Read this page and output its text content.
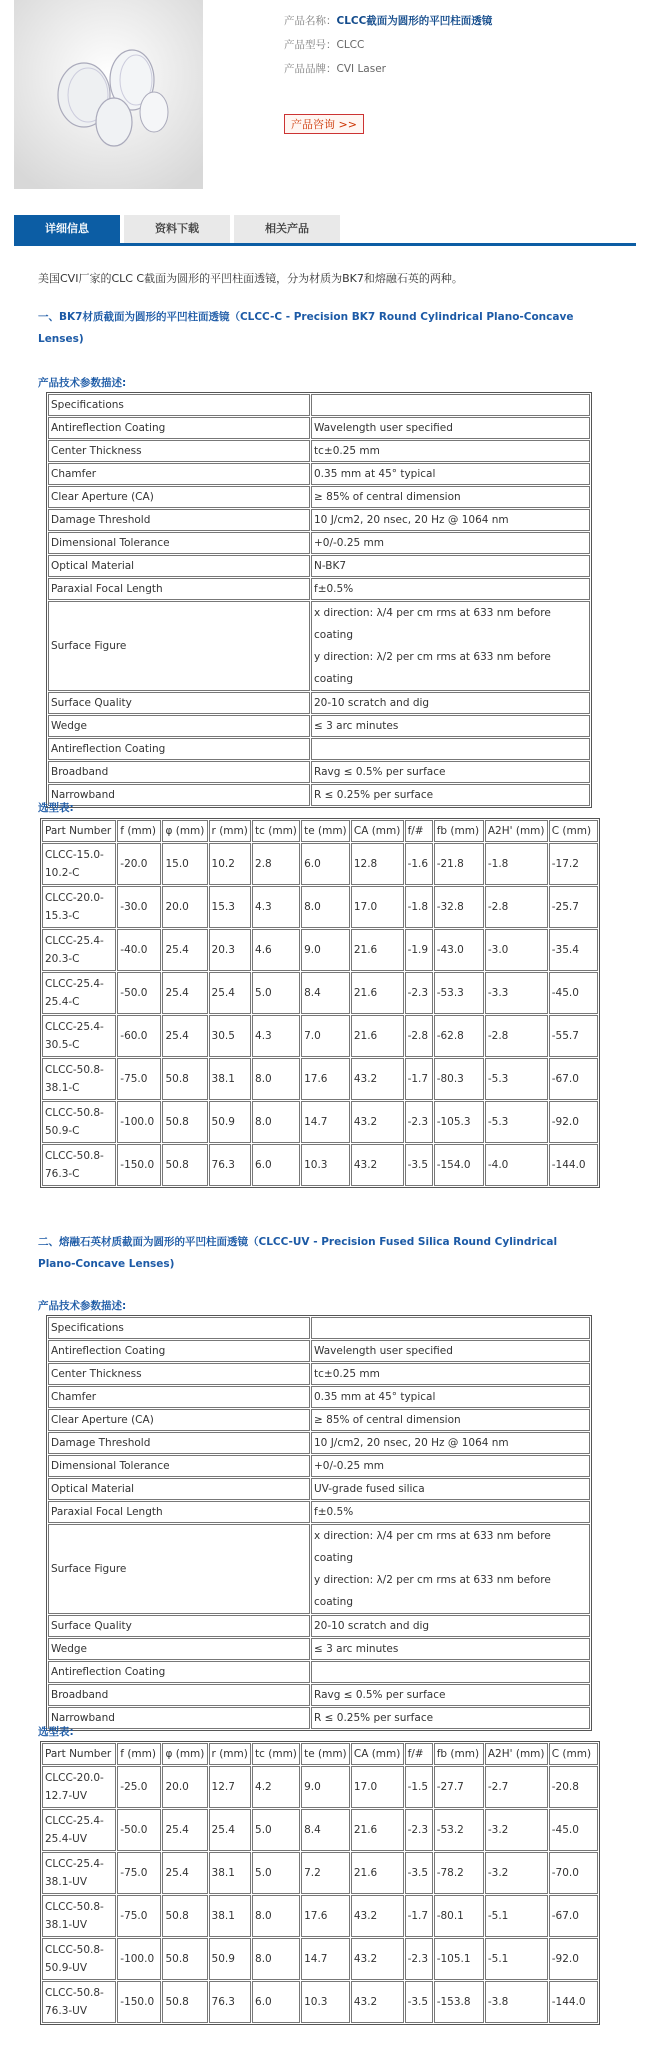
产品名称：CLCC截面为圆形的平凹柱面透镜
产品型号：CLCC
产品品牌：CVI Laser
产品咨询 >>
详细信息	资料下载	相关产品
美国CVI厂家的CLC C截面为圆形的平凹柱面透镜，分为材质为BK7和熔融石英的两种。
一、BK7材质截面为圆形的平凹柱面透镜（CLCC-C - Precision BK7 Round Cylindrical Plano-Concave Lenses)
产品技术参数描述:
Specifications	
Antireflection Coating	Wavelength user specified
Center Thickness	tc±0.25 mm
Chamfer	0.35 mm at 45° typical
Clear Aperture (CA)	≥ 85% of central dimension
Damage Threshold	10 J/cm2, 20 nsec, 20 Hz @ 1064 nm
Dimensional Tolerance	+0/-0.25 mm
Optical Material	N-BK7
Paraxial Focal Length	f±0.5%
Surface Figure	x direction: λ/4 per cm rms at 633 nm before coating
y direction: λ/2 per cm rms at 633 nm before coating
Surface Quality	20-10 scratch and dig
Wedge	≤ 3 arc minutes
Antireflection Coating	
Broadband	Ravg ≤ 0.5% per surface
Narrowband	R ≤ 0.25% per surface
选型表:
Part Number	f (mm)	φ (mm)	r (mm)	tc (mm)	te (mm)	CA (mm)	f/#	fb (mm)	A2H' (mm)	C (mm)
CLCC-15.0-10.2-C	-20.0	15.0	10.2	2.8	6.0	12.8	-1.6	-21.8	-1.8	-17.2
CLCC-20.0-15.3-C	-30.0	20.0	15.3	4.3	8.0	17.0	-1.8	-32.8	-2.8	-25.7
CLCC-25.4-20.3-C	-40.0	25.4	20.3	4.6	9.0	21.6	-1.9	-43.0	-3.0	-35.4
CLCC-25.4-25.4-C	-50.0	25.4	25.4	5.0	8.4	21.6	-2.3	-53.3	-3.3	-45.0
CLCC-25.4-30.5-C	-60.0	25.4	30.5	4.3	7.0	21.6	-2.8	-62.8	-2.8	-55.7
CLCC-50.8-38.1-C	-75.0	50.8	38.1	8.0	17.6	43.2	-1.7	-80.3	-5.3	-67.0
CLCC-50.8-50.9-C	-100.0	50.8	50.9	8.0	14.7	43.2	-2.3	-105.3	-5.3	-92.0
CLCC-50.8-76.3-C	-150.0	50.8	76.3	6.0	10.3	43.2	-3.5	-154.0	-4.0	-144.0
二、熔融石英材质截面为圆形的平凹柱面透镜（CLCC-UV - Precision Fused Silica Round Cylindrical Plano-Concave Lenses)
产品技术参数描述:
Specifications	
Antireflection Coating	Wavelength user specified
Center Thickness	tc±0.25 mm
Chamfer	0.35 mm at 45° typical
Clear Aperture (CA)	≥ 85% of central dimension
Damage Threshold	10 J/cm2, 20 nsec, 20 Hz @ 1064 nm
Dimensional Tolerance	+0/-0.25 mm
Optical Material	UV-grade fused silica
Paraxial Focal Length	f±0.5%
Surface Figure	x direction: λ/4 per cm rms at 633 nm before coating
y direction: λ/2 per cm rms at 633 nm before coating
Surface Quality	20-10 scratch and dig
Wedge	≤ 3 arc minutes
Antireflection Coating	
Broadband	Ravg ≤ 0.5% per surface
Narrowband	R ≤ 0.25% per surface
选型表:
Part Number	f (mm)	φ (mm)	r (mm)	tc (mm)	te (mm)	CA (mm)	f/#	fb (mm)	A2H' (mm)	C (mm)
CLCC-20.0-12.7-UV	-25.0	20.0	12.7	4.2	9.0	17.0	-1.5	-27.7	-2.7	-20.8
CLCC-25.4-25.4-UV	-50.0	25.4	25.4	5.0	8.4	21.6	-2.3	-53.2	-3.2	-45.0
CLCC-25.4-38.1-UV	-75.0	25.4	38.1	5.0	7.2	21.6	-3.5	-78.2	-3.2	-70.0
CLCC-50.8-38.1-UV	-75.0	50.8	38.1	8.0	17.6	43.2	-1.7	-80.1	-5.1	-67.0
CLCC-50.8-50.9-UV	-100.0	50.8	50.9	8.0	14.7	43.2	-2.3	-105.1	-5.1	-92.0
CLCC-50.8-76.3-UV	-150.0	50.8	76.3	6.0	10.3	43.2	-3.5	-153.8	-3.8	-144.0
